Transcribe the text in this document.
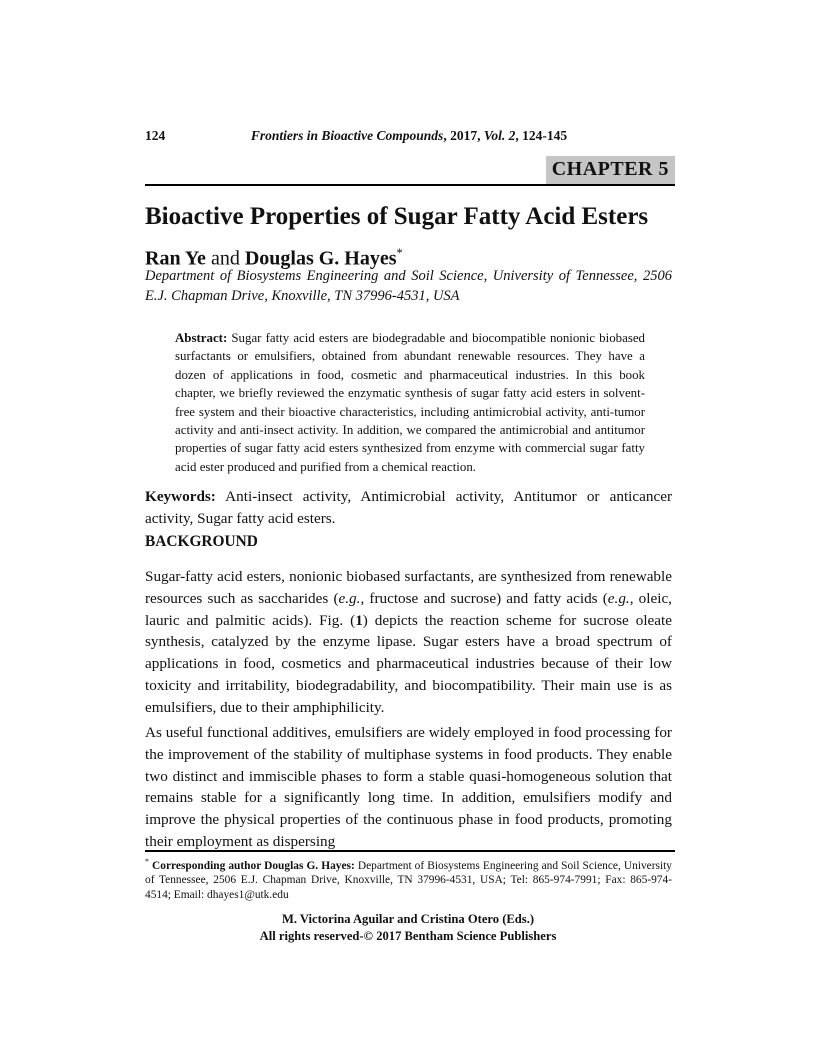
124	Frontiers in Bioactive Compounds, 2017, Vol. 2, 124-145
CHAPTER 5
Bioactive Properties of Sugar Fatty Acid Esters
Ran Ye and Douglas G. Hayes*
Department of Biosystems Engineering and Soil Science, University of Tennessee, 2506 E.J. Chapman Drive, Knoxville, TN 37996-4531, USA
Abstract: Sugar fatty acid esters are biodegradable and biocompatible nonionic biobased surfactants or emulsifiers, obtained from abundant renewable resources. They have a dozen of applications in food, cosmetic and pharmaceutical industries. In this book chapter, we briefly reviewed the enzymatic synthesis of sugar fatty acid esters in solvent-free system and their bioactive characteristics, including antimicrobial activity, anti-tumor activity and anti-insect activity. In addition, we compared the antimicrobial and antitumor properties of sugar fatty acid esters synthesized from enzyme with commercial sugar fatty acid ester produced and purified from a chemical reaction.
Keywords: Anti-insect activity, Antimicrobial activity, Antitumor or anticancer activity, Sugar fatty acid esters.
BACKGROUND

Sugar-fatty acid esters, nonionic biobased surfactants, are synthesized from renewable resources such as saccharides (e.g., fructose and sucrose) and fatty acids (e.g., oleic, lauric and palmitic acids). Fig. (1) depicts the reaction scheme for sucrose oleate synthesis, catalyzed by the enzyme lipase. Sugar esters have a broad spectrum of applications in food, cosmetics and pharmaceutical industries because of their low toxicity and irritability, biodegradability, and biocompatibility. Their main use is as emulsifiers, due to their amphiphilicity.

As useful functional additives, emulsifiers are widely employed in food processing for the improvement of the stability of multiphase systems in food products. They enable two distinct and immiscible phases to form a stable quasi-homogeneous solution that remains stable for a significantly long time. In addition, emulsifiers modify and improve the physical properties of the continuous phase in food products, promoting their employment as dispersing

* Corresponding author Douglas G. Hayes: Department of Biosystems Engineering and Soil Science, University of Tennessee, 2506 E.J. Chapman Drive, Knoxville, TN 37996-4531, USA; Tel: 865-974-7991; Fax: 865-974-4514; Email: dhayes1@utk.edu
M. Victorina Aguilar and Cristina Otero (Eds.)
All rights reserved-© 2017 Bentham Science Publishers
